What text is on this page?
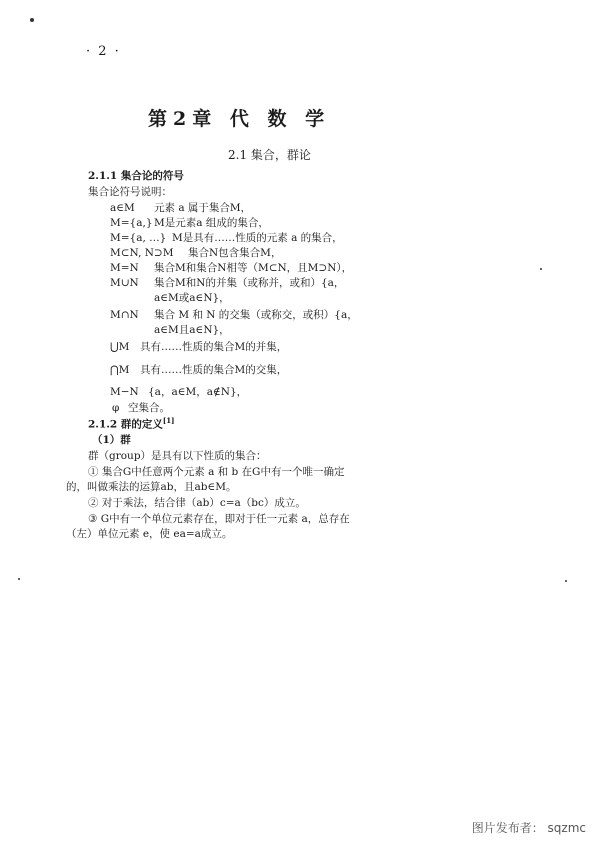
· 2 ·
第2章 代 数 学
2.1 集合，群论
2.1.1 集合论的符号
集合论符号说明：
a∈M 元素 a 属于集合M，
M={a,}M是元素a 组成的集合，
M={a, …} M是具有……性质的元素 a 的集合，
M⊂N, N⊃M 集合N包含集合M，
M=N 集合M和集合N相等（M⊂N，且M⊃N），
M∪N 集合M和N的并集（或称并，或和）{a，
a∈M或a∈N}，
M∩N 集合 M 和 N 的交集（或称交，或积）{a，
a∈M且a∈N}，
⋃M 具有……性质的集合M的并集，
⋂M 具有……性质的集合M的交集，
M−N {a，a∈M，a∉N}，
φ 空集合。
2.1.2 群的定义[1]
（1）群
群（group）是具有以下性质的集合：
① 集合G中任意两个元素 a 和 b 在G中有一个唯一确定
的，叫做乘法的运算ab，且ab∈M。
② 对于乘法，结合律（ab）c=a（bc）成立。
③ G中有一个单位元素存在，即对于任一元素 a，总存在
（左）单位元素 e，使 ea=a成立。
图片发布者： sqzmc
